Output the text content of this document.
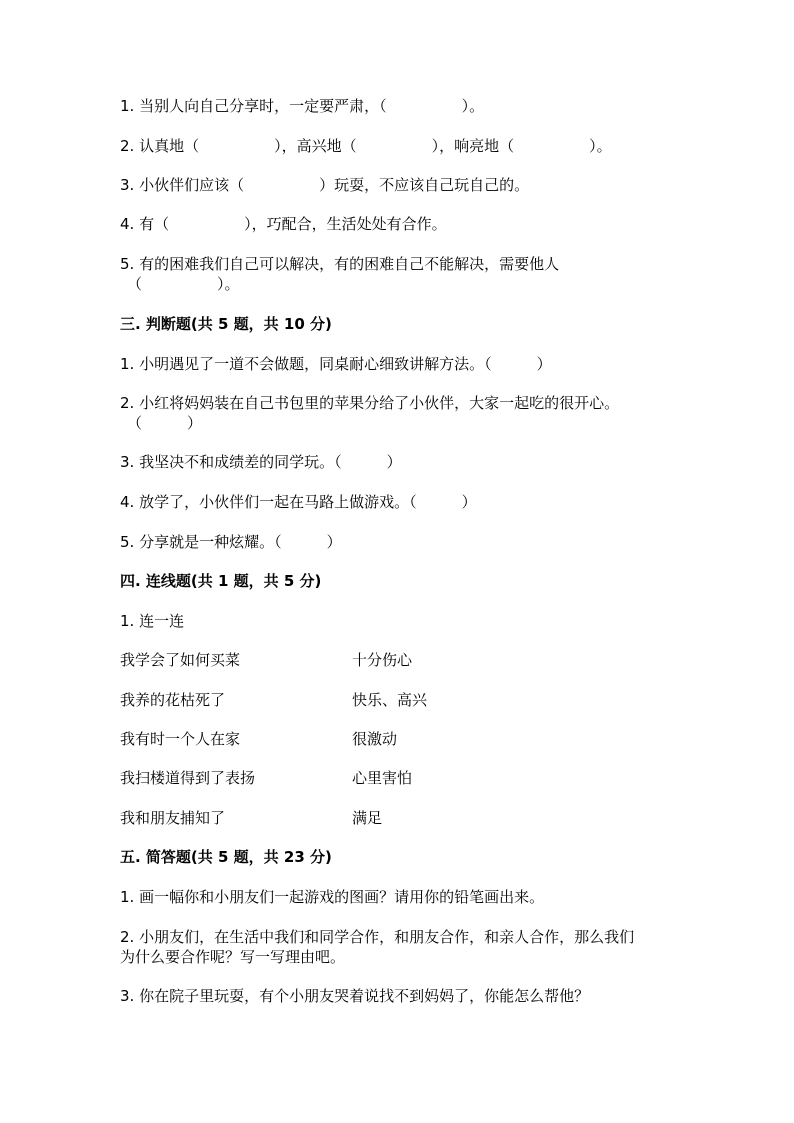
1. 当别人向自己分享时，一定要严肃，（　　　　　）。
2. 认真地（　　　　　），高兴地（　　　　　），响亮地（　　　　　）。
3. 小伙伴们应该（　　　　　）玩耍，不应该自己玩自己的。
4. 有（　　　　　），巧配合，生活处处有合作。
5. 有的困难我们自己可以解决，有的困难自己不能解决，需要他人
（　　　　　）。
三. 判断题(共 5 题，共 10 分)
1. 小明遇见了一道不会做题，同桌耐心细致讲解方法。（　　　）
2. 小红将妈妈装在自己书包里的苹果分给了小伙伴，大家一起吃的很开心。
（　　　）
3. 我坚决不和成绩差的同学玩。（　　　）
4. 放学了，小伙伴们一起在马路上做游戏。（　　　）
5. 分享就是一种炫耀。（　　　）
四. 连线题(共 1 题，共 5 分)
1. 连一连
我学会了如何买菜	十分伤心
我养的花枯死了	快乐、高兴
我有时一个人在家	很激动
我扫楼道得到了表扬	心里害怕
我和朋友捕知了	满足
五. 简答题(共 5 题，共 23 分)
1. 画一幅你和小朋友们一起游戏的图画？请用你的铅笔画出来。
2. 小朋友们，在生活中我们和同学合作，和朋友合作，和亲人合作，那么我们
为什么要合作呢？写一写理由吧。
3. 你在院子里玩耍，有个小朋友哭着说找不到妈妈了，你能怎么帮他？
